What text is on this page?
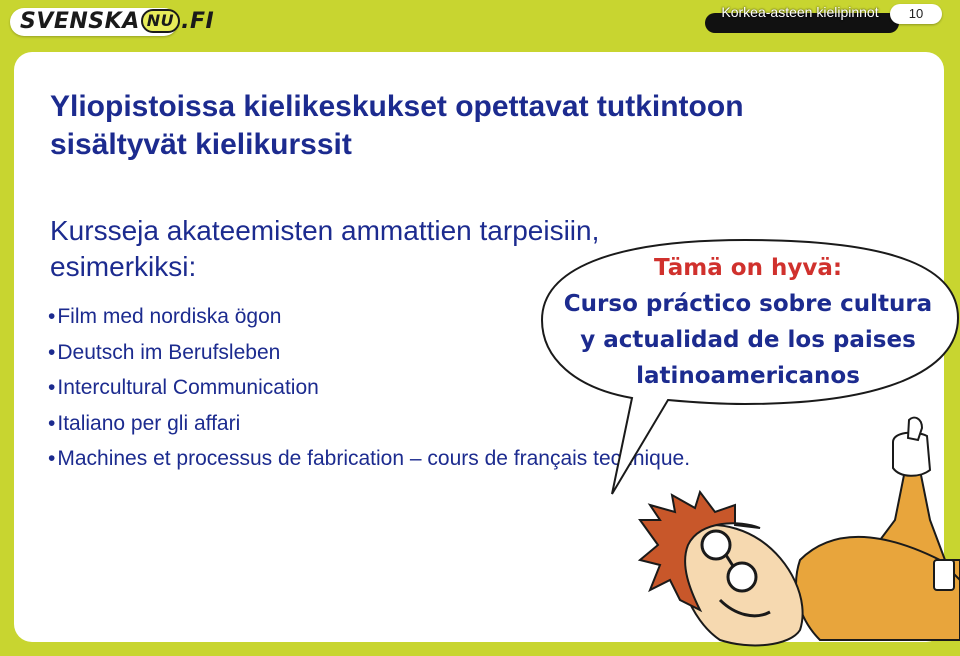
SVENSKA NU .FI	Korkea-asteen kielipinnot	10
Yliopistoissa kielikeskukset opettavat tutkintoon sisältyvät kielikurssit
Kursseja akateemisten ammattien tarpeisiin, esimerkiksi:
• Film med nordiska ögon
• Deutsch im Berufsleben
• Intercultural Communication
• Italiano per gli affari
• Machines et processus de fabrication – cours de français technique.
Tämä on hyvä:
Curso práctico sobre cultura
y actualidad de los paises
latinoamericanos
